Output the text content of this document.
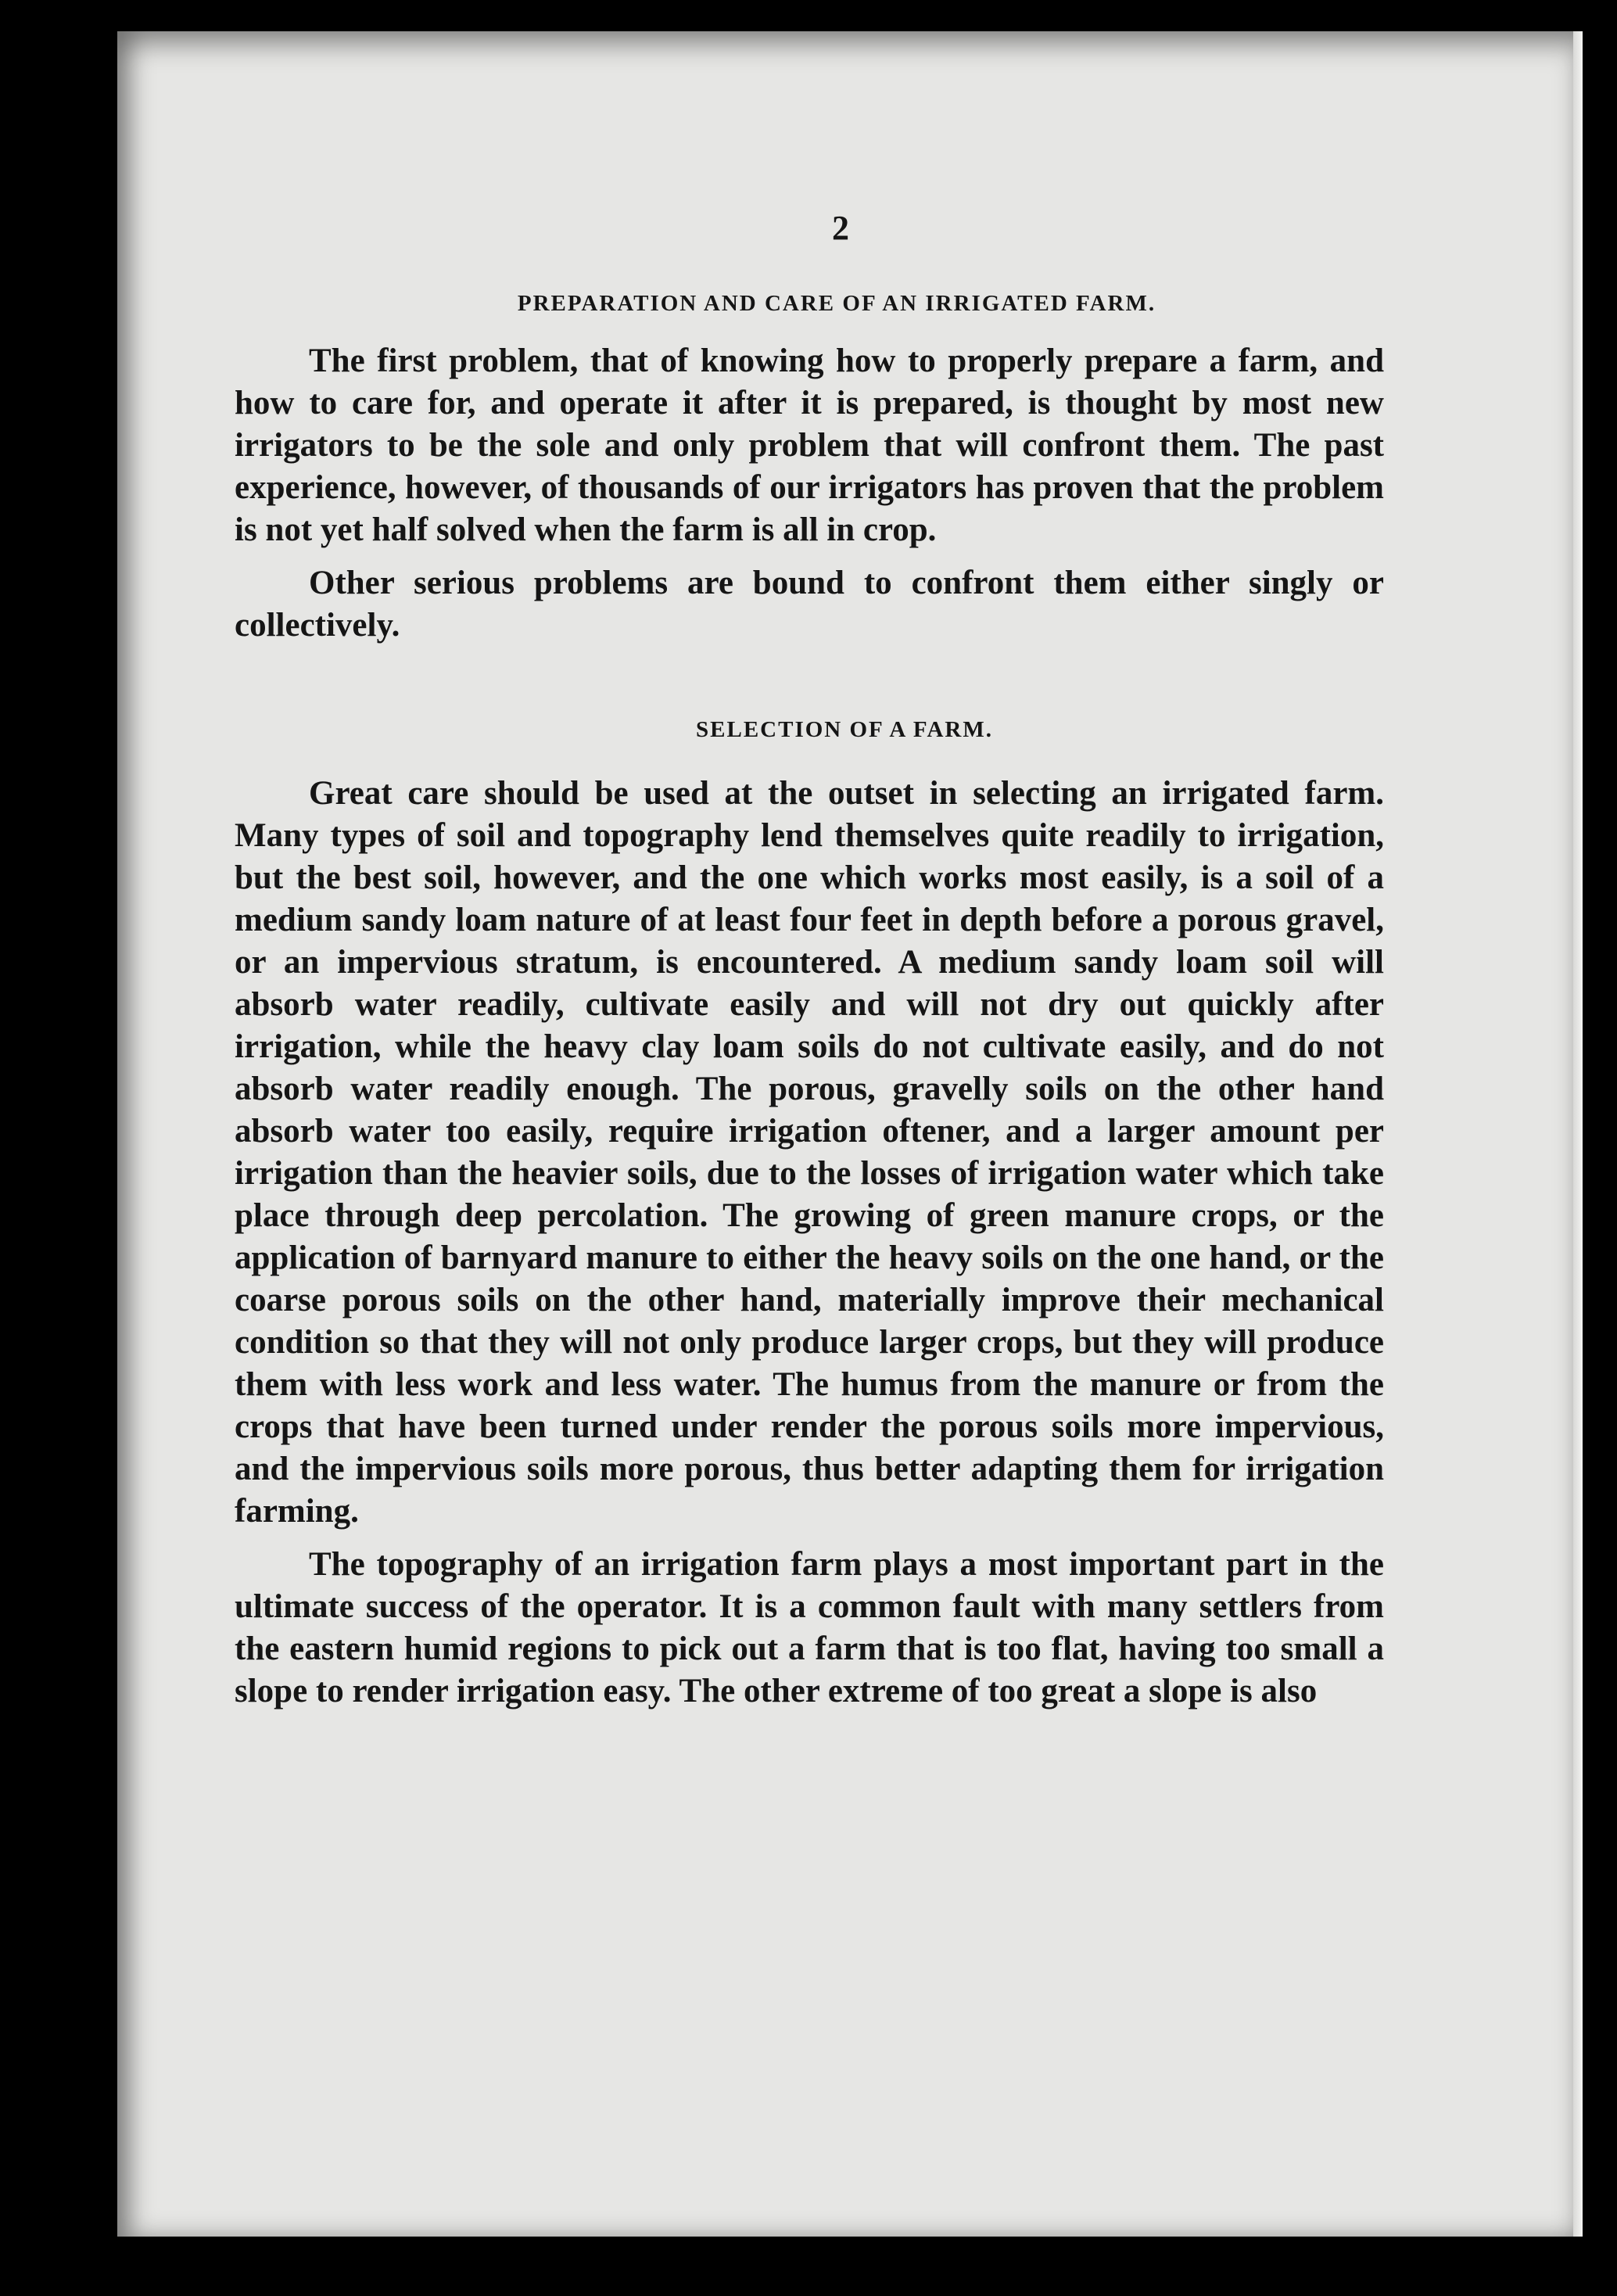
2
PREPARATION AND CARE OF AN IRRIGATED FARM.

The first problem, that of knowing how to properly prepare a farm, and how to care for, and operate it after it is prepared, is thought by most new irrigators to be the sole and only problem that will confront them. The past experience, however, of thousands of our irrigators has proven that the problem is not yet half solved when the farm is all in crop.

Other serious problems are bound to confront them either singly or collectively.

SELECTION OF A FARM.

Great care should be used at the outset in selecting an irrigated farm. Many types of soil and topography lend themselves quite readily to irrigation, but the best soil, however, and the one which works most easily, is a soil of a medium sandy loam nature of at least four feet in depth before a porous gravel, or an impervious stratum, is encountered. A medium sandy loam soil will absorb water readily, cultivate easily and will not dry out quickly after irrigation, while the heavy clay loam soils do not cultivate easily, and do not absorb water readily enough. The porous, gravelly soils on the other hand absorb water too easily, require irrigation oftener, and a larger amount per irrigation than the heavier soils, due to the losses of irrigation water which take place through deep percolation. The growing of green manure crops, or the application of barnyard manure to either the heavy soils on the one hand, or the coarse porous soils on the other hand, materially improve their mechanical condition so that they will not only produce larger crops, but they will produce them with less work and less water. The humus from the manure or from the crops that have been turned under render the porous soils more impervious, and the impervious soils more porous, thus better adapting them for irrigation farming.

The topography of an irrigation farm plays a most important part in the ultimate success of the operator. It is a common fault with many settlers from the eastern humid regions to pick out a farm that is too flat, having too small a slope to render irrigation easy. The other extreme of too great a slope is also
